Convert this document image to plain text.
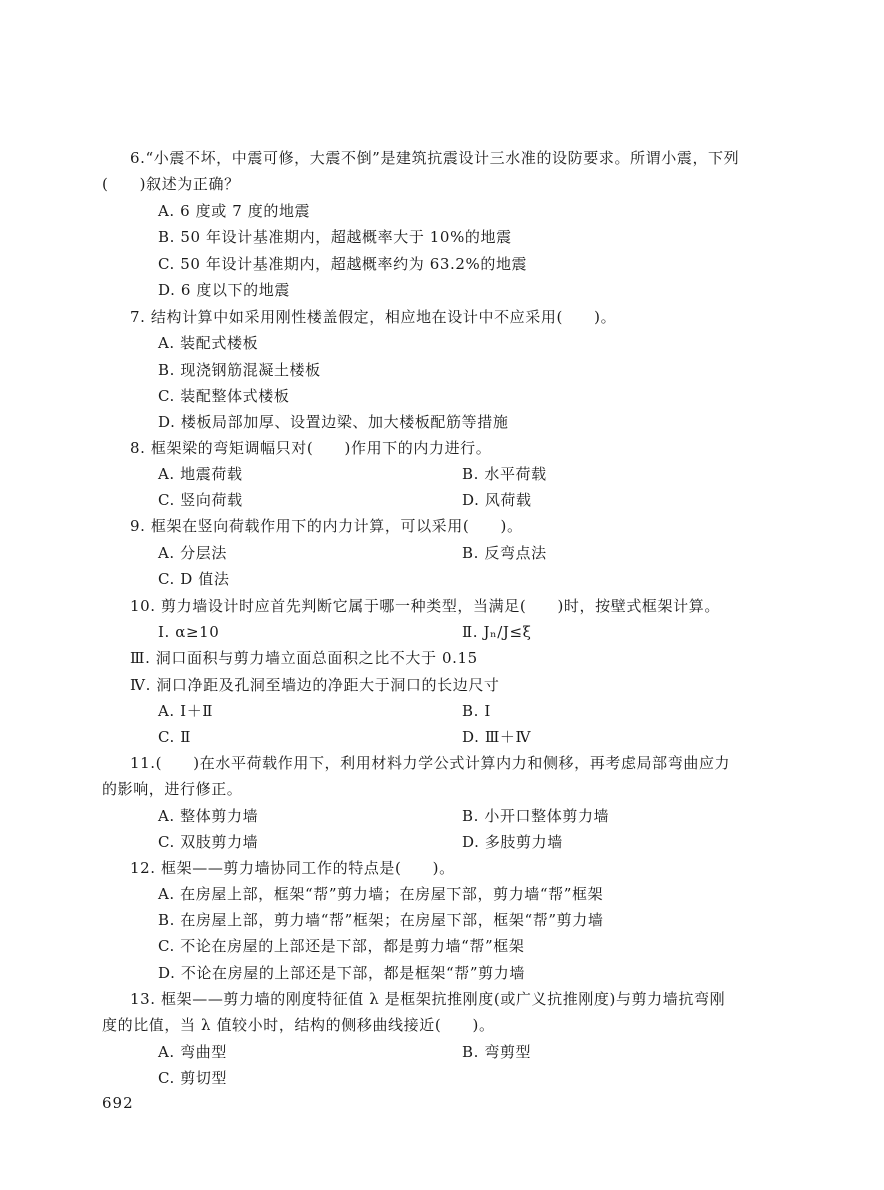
6.“小震不坏，中震可修，大震不倒”是建筑抗震设计三水准的设防要求。所谓小震，下列
(　　)叙述为正确？
A. 6 度或 7 度的地震
B. 50 年设计基准期内，超越概率大于 10%的地震
C. 50 年设计基准期内，超越概率约为 63.2%的地震
D. 6 度以下的地震
7. 结构计算中如采用刚性楼盖假定，相应地在设计中不应采用(　　)。
A. 装配式楼板
B. 现浇钢筋混凝土楼板
C. 装配整体式楼板
D. 楼板局部加厚、设置边梁、加大楼板配筋等措施
8. 框架梁的弯矩调幅只对(　　)作用下的内力进行。
A. 地震荷载	B. 水平荷载
C. 竖向荷载	D. 风荷载
9. 框架在竖向荷载作用下的内力计算，可以采用(　　)。
A. 分层法	B. 反弯点法
C. D 值法
10. 剪力墙设计时应首先判断它属于哪一种类型，当满足(　　)时，按壁式框架计算。
Ⅰ. α≥10	Ⅱ. Jₙ/J≤ξ
Ⅲ. 洞口面积与剪力墙立面总面积之比不大于 0.15
Ⅳ. 洞口净距及孔洞至墙边的净距大于洞口的长边尺寸
A. Ⅰ＋Ⅱ	B. Ⅰ
C. Ⅱ	D. Ⅲ＋Ⅳ
11.(　　)在水平荷载作用下，利用材料力学公式计算内力和侧移，再考虑局部弯曲应力
的影响，进行修正。
A. 整体剪力墙	B. 小开口整体剪力墙
C. 双肢剪力墙	D. 多肢剪力墙
12. 框架——剪力墙协同工作的特点是(　　)。
A. 在房屋上部，框架“帮”剪力墙；在房屋下部，剪力墙“帮”框架
B. 在房屋上部，剪力墙“帮”框架；在房屋下部，框架“帮”剪力墙
C. 不论在房屋的上部还是下部，都是剪力墙“帮”框架
D. 不论在房屋的上部还是下部，都是框架“帮”剪力墙
13. 框架——剪力墙的刚度特征值 λ 是框架抗推刚度(或广义抗推刚度)与剪力墙抗弯刚
度的比值，当 λ 值较小时，结构的侧移曲线接近(　　)。
A. 弯曲型	B. 弯剪型
C. 剪切型
692
